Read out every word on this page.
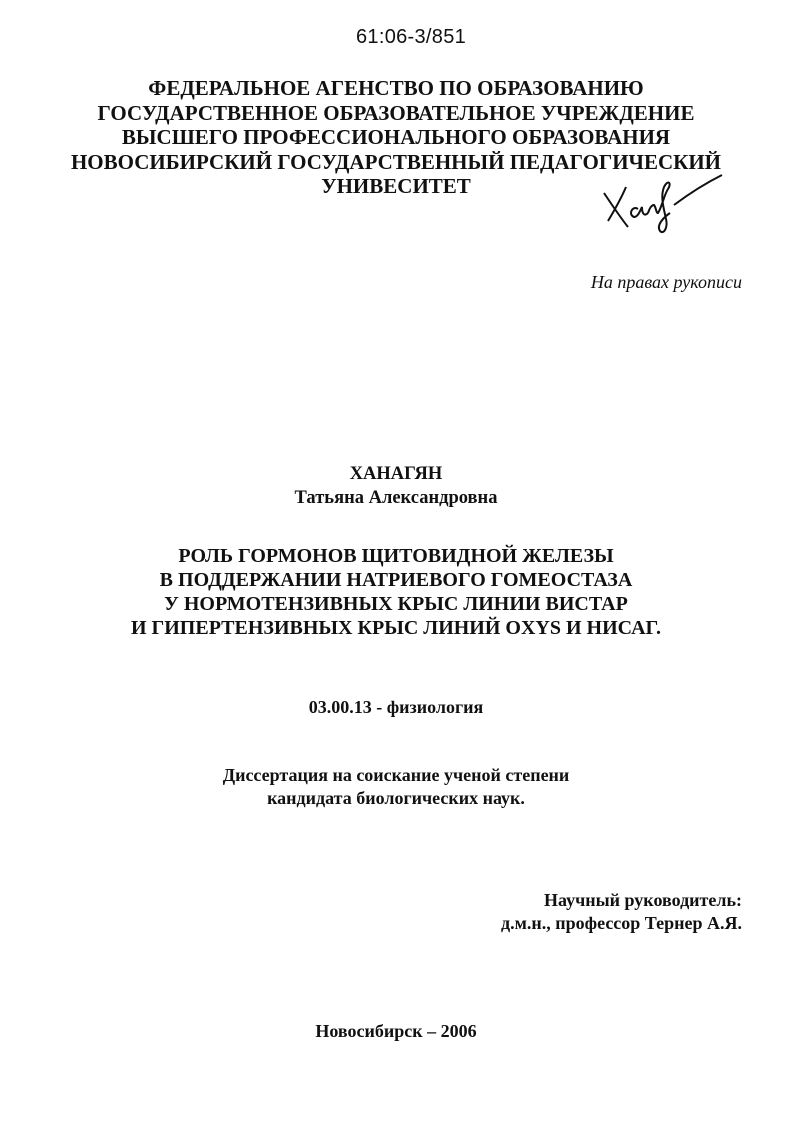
61:06-3/851
ФЕДЕРАЛЬНОЕ АГЕНСТВО ПО ОБРАЗОВАНИЮ
ГОСУДАРСТВЕННОЕ ОБРАЗОВАТЕЛЬНОЕ УЧРЕЖДЕНИЕ
ВЫСШЕГО ПРОФЕССИОНАЛЬНОГО ОБРАЗОВАНИЯ
НОВОСИБИРСКИЙ ГОСУДАРСТВЕННЫЙ ПЕДАГОГИЧЕСКИЙ
УНИВЕСИТЕТ
На правах рукописи
ХАНАГЯН
Татьяна Александровна
РОЛЬ ГОРМОНОВ ЩИТОВИДНОЙ ЖЕЛЕЗЫ
В ПОДДЕРЖАНИИ НАТРИЕВОГО ГОМЕОСТАЗА
У НОРМОТЕНЗИВНЫХ КРЫС ЛИНИИ ВИСТАР
И ГИПЕРТЕНЗИВНЫХ КРЫС ЛИНИЙ OXYS И НИСАГ.
03.00.13 - физиология
Диссертация на соискание ученой степени
кандидата биологических наук.
Научный руководитель:
д.м.н., профессор Тернер А.Я.
Новосибирск – 2006
